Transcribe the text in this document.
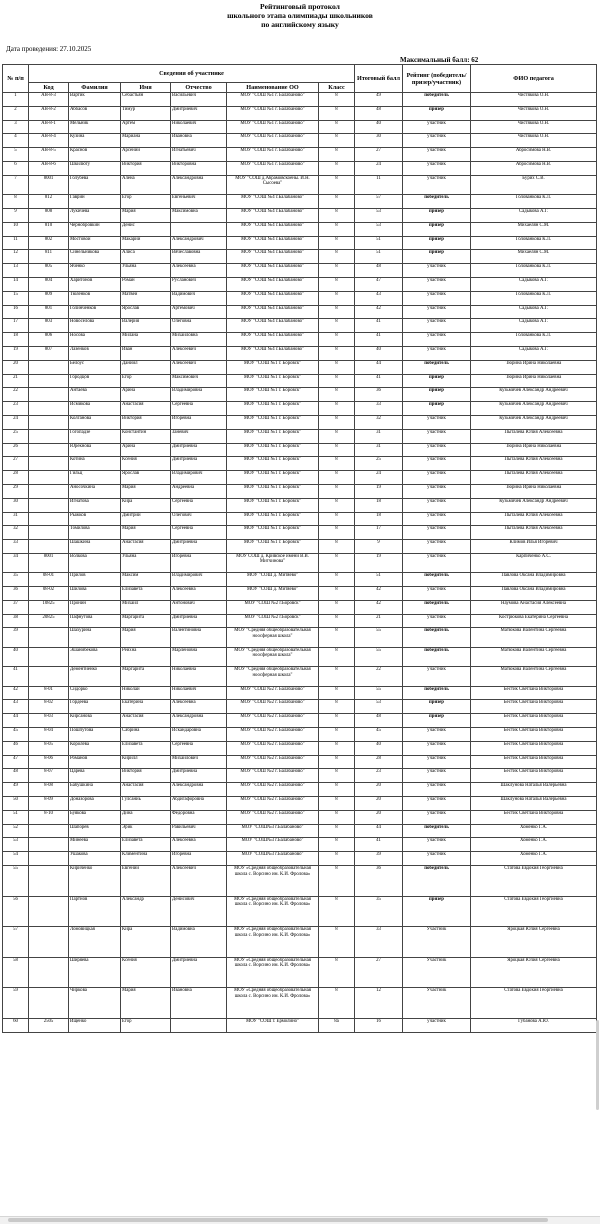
Рейтинговый протокол
школьного этапа олимпиады школьников
по английскому языку
Дата проведения: 27.10.2025
Максимальный балл: 62
№ п/п	Сведения об участнике						Итоговый балл	Рейтинг (победитель/призер/участник)	ФИО педагога
	Код	Фамилия	Имя	Отчество	Наименование ОО	Класс			
1	АЯ-8-3	Вартик	Себастьян	Васильевич	МОУ "СОШ №1 г. Балабаново"	8	49	победитель	Чистякова О.Н.
2	АЯ-8-2	Аббасов	Тимур	Дмитриевич	МОУ "СОШ №1 г. Балабаново"	8	48	призер	Чистякова О.Н.
3	АЯ-8-1	Мельник	Артем	Николаевич	МОУ "СОШ №1 г. Балабаново"	8	40	участник	Чистякова О.Н.
4	АЯ-8-4	Кузина	Мариана	Ивановна	МОУ "СОШ №1 г. Балабаново"	8	30	участник	Чистякова О.Н.
5	АЯ-8-5	Краснов	Арсений	Игнатьевич	МОУ "СОШ №1 г. Балабаново"	8	27	участник	Абросимова Н.В.
6	АЯ-8-6	Шкилюту	Виктория	Викторовна	МОУ "СОШ №1 г. Балабаново"	8	24	участник	Абросимова Н.В.
7	8001	Голубева	Алена	Александровна	МОУ "СОШ д.Абрамовскоены. И.Н. Сысоева"	8	11	участник	Бурих С.В.
8	812	Гаврин	Егор	Евгеньевич	МОУ "СОШ №4 г.Балабаново"	8	57	победитель	Голованкова К.Л.
9	808	Лукичева	Мария	Максимовна	МОУ "СОШ №4 г.Балабаново"	8	53	призер	Садыкова А.Г.
10	810	Чернобровкин	Денис		МОУ "СОШ №4 г.Балабаново"	8	53	призер	Михаелян С.М.
11	802	Мостовой	Макарий	Александрович	МОУ "СОШ №4 г.Балабаново"	8	51	призер	Голованкова К.Л.
12	811	Синельникова	Алиса	Вячеславовна	МОУ "СОШ №4 г.Балабаново"	8	51	призер	Михаелян С.М.
13	805	Яченко	Ульяна	Алексеевна	МОУ "СОШ №4 г.Балабаново"	8	48	участник	Голованкова К.Л.
14	804	Харитонов	Роман	Русланович	МОУ "СОШ №4 г.Балабаново"	8	47	участник	Садыкова А.Г.
15	809	Тюленков	Матвей	Вадимович	МОУ "СОШ №4 г.Балабаново"	8	43	участник	Голованкова К.Л.
16	801	Голинченков	Ярослав	Артёмович	МОУ "СОШ №4 г.Балабаново"	8	42	участник	Садыкова А.Г.
17	803	Новоселова	Валерия	Олеговна	МОУ "СОШ №4 г.Балабаново"	8	41	участник	Садыкова А.Г.
18	806	Носова	Милана	Михайловна	МОУ "СОШ №4 г.Балабаново"	8	41	участник	Голованкова К.Л.
19	807	Лазенков	Иван	Алексеевич	МОУ "СОШ №4 г.Балабаново"	8	40	участник	Садыкова А.Г.
20		Белоус	Даниил	Алексеевич	МОУ "СОШ №1 г. Боровск"	8	44	победитель	Тюрина Ирина Николаевна
21		Городцов	Егор	Максимович	МОУ "СОШ №1 г. Боровск"	8	41	призер	Тюрина Ирина Николаевна
22		Антаева	Арина	Владимировна	МОУ "СОШ №1 г. Боровск"	8	36	призер	Кузьмичев Александр Андреевич
23		Исмикова	Анастасия	Сергеевна	МОУ "СОШ №1 г. Боровск"	8	33	призер	Кузьмичев Александр Андреевич
24		Колганова	Виктория	Игоревна	МОУ "СОШ №1 г. Боровск"	8	32	участник	Кузьмичев Александр Андреевич
25		Гогопадзе	Константин	Заневич	МОУ "СОШ №1 г. Боровск"	8	31	участник	Пыталева Юлия Алексеевна
26		Юрекнова	Арина	Дмитриевна	МОУ "СОШ №1 г. Боровск"	8	31	участник	Тюрина Ирина Николаевна
27		Котина	Ксения	Дмитриевна	МОУ "СОШ №1 г. Боровск"	8	25	участник	Пыталева Юлия Алексеевна
28		Гильц	Ярослав	Владимирович	МОУ "СОШ №1 г. Боровск"	8	24	участник	Пыталева Юлия Алексеевна
29		Аносочкина	Мария	Андреевна	МОУ "СОШ №1 г. Боровск"	8	19	участник	Тюрина Ирина Николаевна
30		Игнатова	Кира	Сергеевна	МОУ "СОШ №1 г. Боровск"	8	18	участник	Кузьмичев Александр Андреевич
31		Рыжков	Дмитрий	Олегович	МОУ "СОШ №1 г. Боровск"	8	18	участник	Пыталева Юлия Алексеевна
32		Томилова	Мария	Сергеевна	МОУ "СОШ №1 г. Боровск"	8	17	участник	Пыталева Юлия Алексеевна
33		Шашкина	Анастасия	Дмитриевна	МОУ "СОШ №1 г. Боровск"	8	9	участник	Климов Илья Игоревич
34	8001	Волкова	Ульяна	Игоревна	МОУ СОШ д. Кривское имени В.В. Митчинова"	8	19	участник	Карпиченко А.С.
35	08-01	Прилов	Максим	Владимирович	МОУ "СОШ д. Митяево"	8	51	победитель	Павлова Оксана Владимировна
36	08-02	Шилова	Елизавета	Алексеевна	МОУ "СОШ д. Митяево"	8	42	участник	Павлова Оксана Владимировна
37	10825	Пронин	Михаил	Антонович	МОУ "СОШ №2 г.Боровск"	8	42	победитель	Наумова Анастасия Алексеевна
38	20825	Пафнутова	Маргарита	Дмитриевна	МОУ "СОШ №2 г.Боровск"	8	21	участник	Кострюкова Екатерина Сергеевна
39		Шахурина	Мария	Валентиновна	МОУ "Средняя общеобразовательная ноосферная школа"	8	55	победитель	Матюкова Валентина Сергеевна
40		Эшанибекова	Рейхна	Марленовна	МОУ "Средняя общеобразовательная ноосферная школа"	8	55	победитель	Матюкова Валентина Сергеевна
41		Дементиенко	Маргарита	Николаевна	МОУ "Средняя общеобразовательная ноосферная школа"	8	22	участник	Матюкова Валентина Сергеевна
42	8-01	Сидорко	Николай	Николаевич	МОУ "СОШ №2 г. Балабаново"	8	55	победитель	Бестик Светлана Викторовна
43	8-02	Гордеева	Екатерина	Алексеевна	МОУ "СОШ №2 г. Балабаново"	8	53	призер	Бестик Светлана Викторовна
44	8-03	Кирсанова	Анастасия	Александровна	МОУ "СОШ №2 г. Балабаново"	8	48	призер	Бестик Светлана Викторовна
45	8-04	Пошпутова	Сабрина	Искандаровна	МОУ "СОШ №2 г. Балабаново"	8	45	участник	Бестик Светлана Викторовна
46	8-05	Королева	Елизавета	Сергеевна	МОУ "СОШ №2 г. Балабаново"	8	40	участник	Бестик Светлана Викторовна
47	8-06	Романов	Кирилл	Михайлович	МОУ "СОШ №2 г. Балабаново"	8	28	участник	Бестик Светлана Викторовна
48	8-07	Царева	Виктория	Дмитриевна	МОУ "СОШ №2 г. Балабаново"	8	23	участник	Бестик Светлана Викторовна
49	8-08	Бабушкина	Анастасия	Александровна	МОУ "СОШ №2 г. Балабаново"	8	20	участник	Шаклунова Наталья Валерьевна
50	8-09	Доназорова	Гулсаниь	Абдигафоровна	МОУ "СОШ №2 г. Балабаново"	8	20	участник	Шаклунова Наталья Валерьевна
51	8-10	Буякова	Дина	Федоровна	МОУ "СОШ №2 г. Балабаново"	8	20	участник	Бестик Светлана Викторовна
52		Шапорев	Эрик	Равильевич	МОУ "СОШ№3 г.Балабаново"	8	44	победитель	Хоменко Г.А.
53		Минеева	Елизавета	Алексеевна	МОУ "СОШ№3 г.Балабаново"	8	41	участник	Хоменко Г.А.
54		Ушакова	Климентина	Игоревна	МОУ "СОШ№3 г.Балабаново"	8	39	участник	Хоменко Г.А.
55		Кириченко	Евгений	Алексеевич	МОУ «Средняя общеобразовательная школа с. Ворсино им. К.И. Фролова»	8	36	победитель	Статова Евдокия Георгиевна
56		Партнов	Александр	Денисович	МОУ «Средняя общеобразовательная школа с. Ворсино им. К.И. Фролова»	8	35	призер	Статова Евдокия Георгиевна
57		Ломовицкая	Кира	Вадимовна	МОУ «Средняя общеобразовательная школа с. Ворсино им. К.И. Фролова»	8	33	Участник	Яроцкая Юлия Сергеевна
58		Ширяева	Ксения	Дмитриевна	МОУ «Средняя общеобразовательная школа с. Ворсино им. К.И. Фролова»	8	27	Участник	Яроцкая Юлия Сергеевна
59		Чиркова	Мария	Ивановна	МОУ «Средняя общеобразовательная школа с. Ворсино им. К.И. Фролова»	8	12	Участник	Статова Евдокия Георгиевна
60	2505	Ищенко	Егор		МОУ "СОШ г. Ермолино"	8а	16	участник	Губанова А.Ю.
